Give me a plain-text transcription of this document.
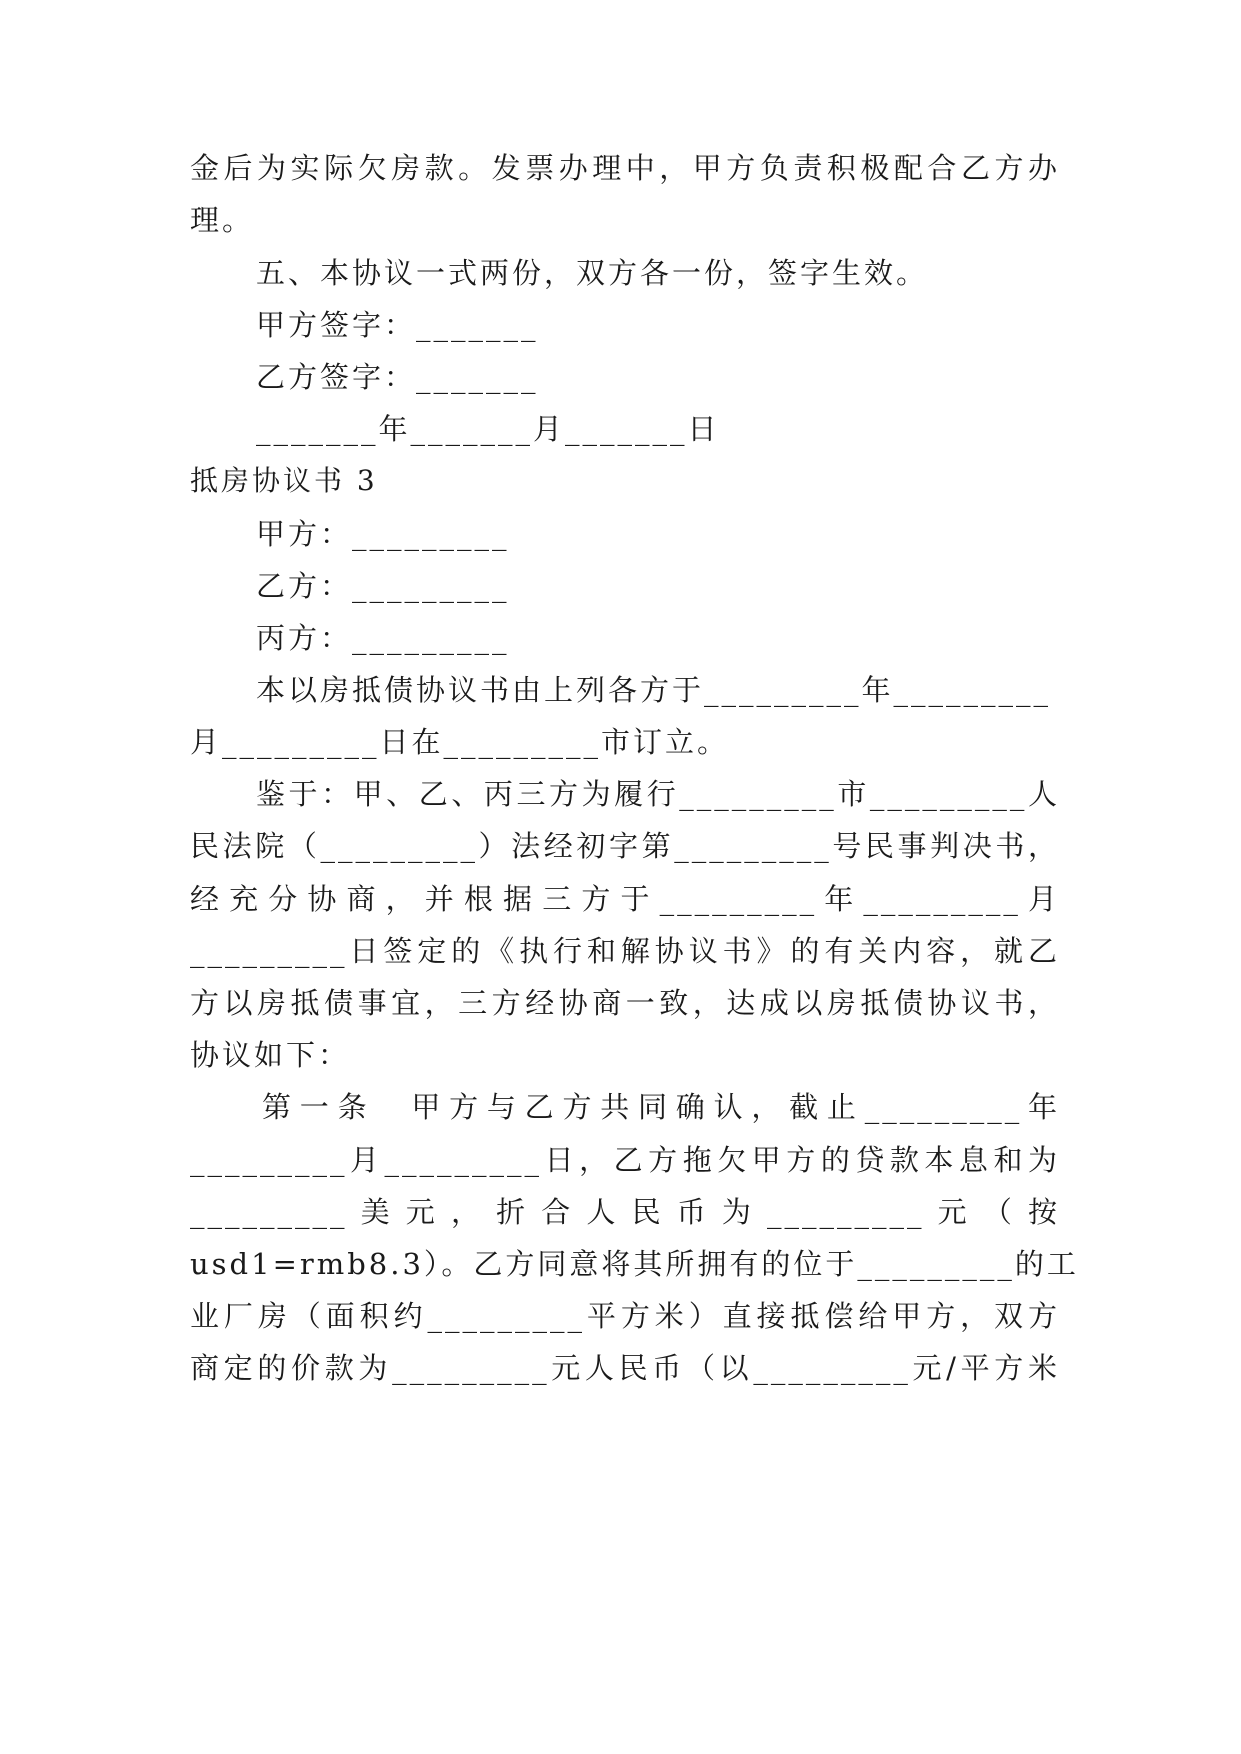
金后为实际欠房款。发票办理中，甲方负责积极配合乙方办
理。
五、本协议一式两份，双方各一份，签字生效。
甲方签字：_______
乙方签字：_______
_______年_______月_______日
抵房协议书 3
甲方：_________
乙方：_________
丙方：_________
本以房抵债协议书由上列各方于_________年_________
月_________日在_________市订立。
鉴于：甲、乙、丙三方为履行_________市_________人
民法院（_________）法经初字第_________号民事判决书，
经充分协商，并根据三方于_________年_________月
_________日签定的《执行和解协议书》的有关内容，就乙
方以房抵债事宜，三方经协商一致，达成以房抵债协议书，
协议如下：
第一条  甲方与乙方共同确认，截止_________年
_________月_________日，乙方拖欠甲方的贷款本息和为
_________美元，折合人民币为_________元（按
usd1=rmb8.3）。乙方同意将其所拥有的位于_________的工
业厂房（面积约_________平方米）直接抵偿给甲方，双方
商定的价款为_________元人民币（以_________元/平方米
